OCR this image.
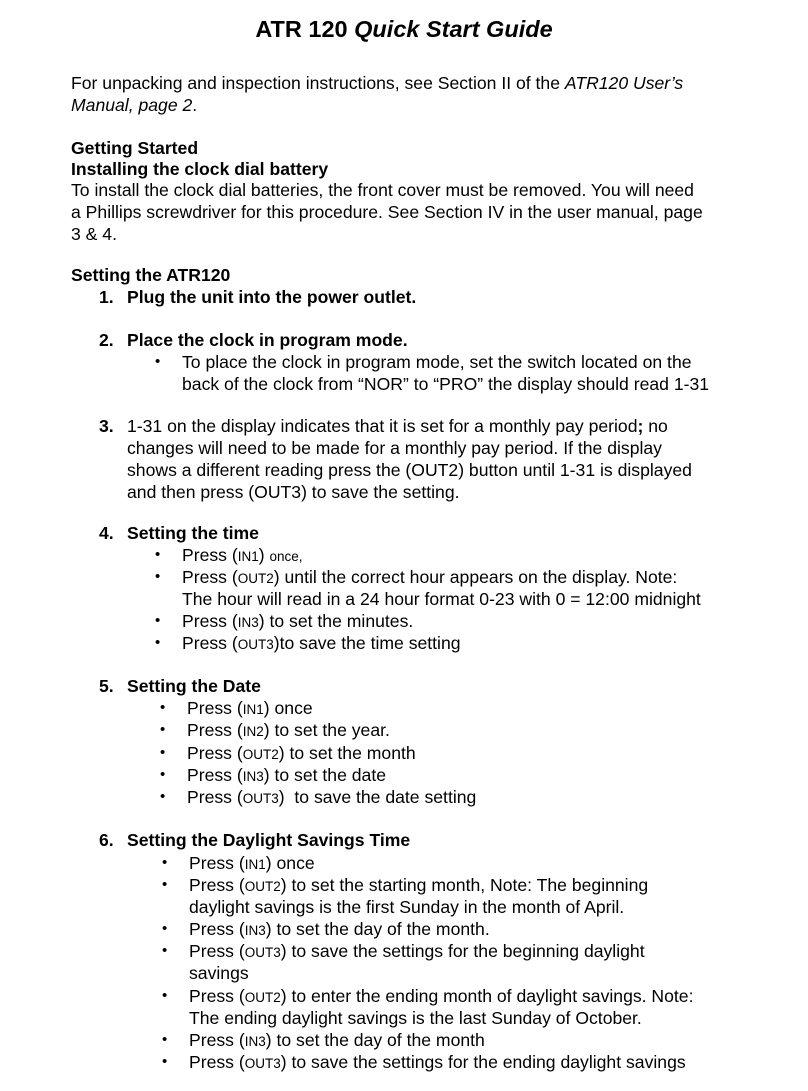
ATR 120 Quick Start Guide
For unpacking and inspection instructions, see Section II of the ATR120 User’s
Manual, page 2.
Getting Started
Installing the clock dial battery
To install the clock dial batteries, the front cover must be removed. You will need
a Phillips screwdriver for this procedure. See Section IV in the user manual, page
3 & 4.
Setting the ATR120
1. Plug the unit into the power outlet.
2. Place the clock in program mode.
• To place the clock in program mode, set the switch located on the
back of the clock from “NOR” to “PRO” the display should read 1-31
3. 1-31 on the display indicates that it is set for a monthly pay period; no
changes will need to be made for a monthly pay period. If the display
shows a different reading press the (OUT2) button until 1-31 is displayed
and then press (OUT3) to save the setting.
4. Setting the time
• Press (IN1) once,
• Press (OUT2) until the correct hour appears on the display. Note:
The hour will read in a 24 hour format 0-23 with 0 = 12:00 midnight
• Press (IN3) to set the minutes.
• Press (OUT3)to save the time setting
5. Setting the Date
• Press (IN1) once
• Press (IN2) to set the year.
• Press (OUT2) to set the month
• Press (IN3) to set the date
• Press (OUT3)  to save the date setting
6. Setting the Daylight Savings Time
• Press (IN1) once
• Press (OUT2) to set the starting month, Note: The beginning
daylight savings is the first Sunday in the month of April.
• Press (IN3) to set the day of the month.
• Press (OUT3) to save the settings for the beginning daylight
savings
• Press (OUT2) to enter the ending month of daylight savings. Note:
The ending daylight savings is the last Sunday of October.
• Press (IN3) to set the day of the month
• Press (OUT3) to save the settings for the ending daylight savings
